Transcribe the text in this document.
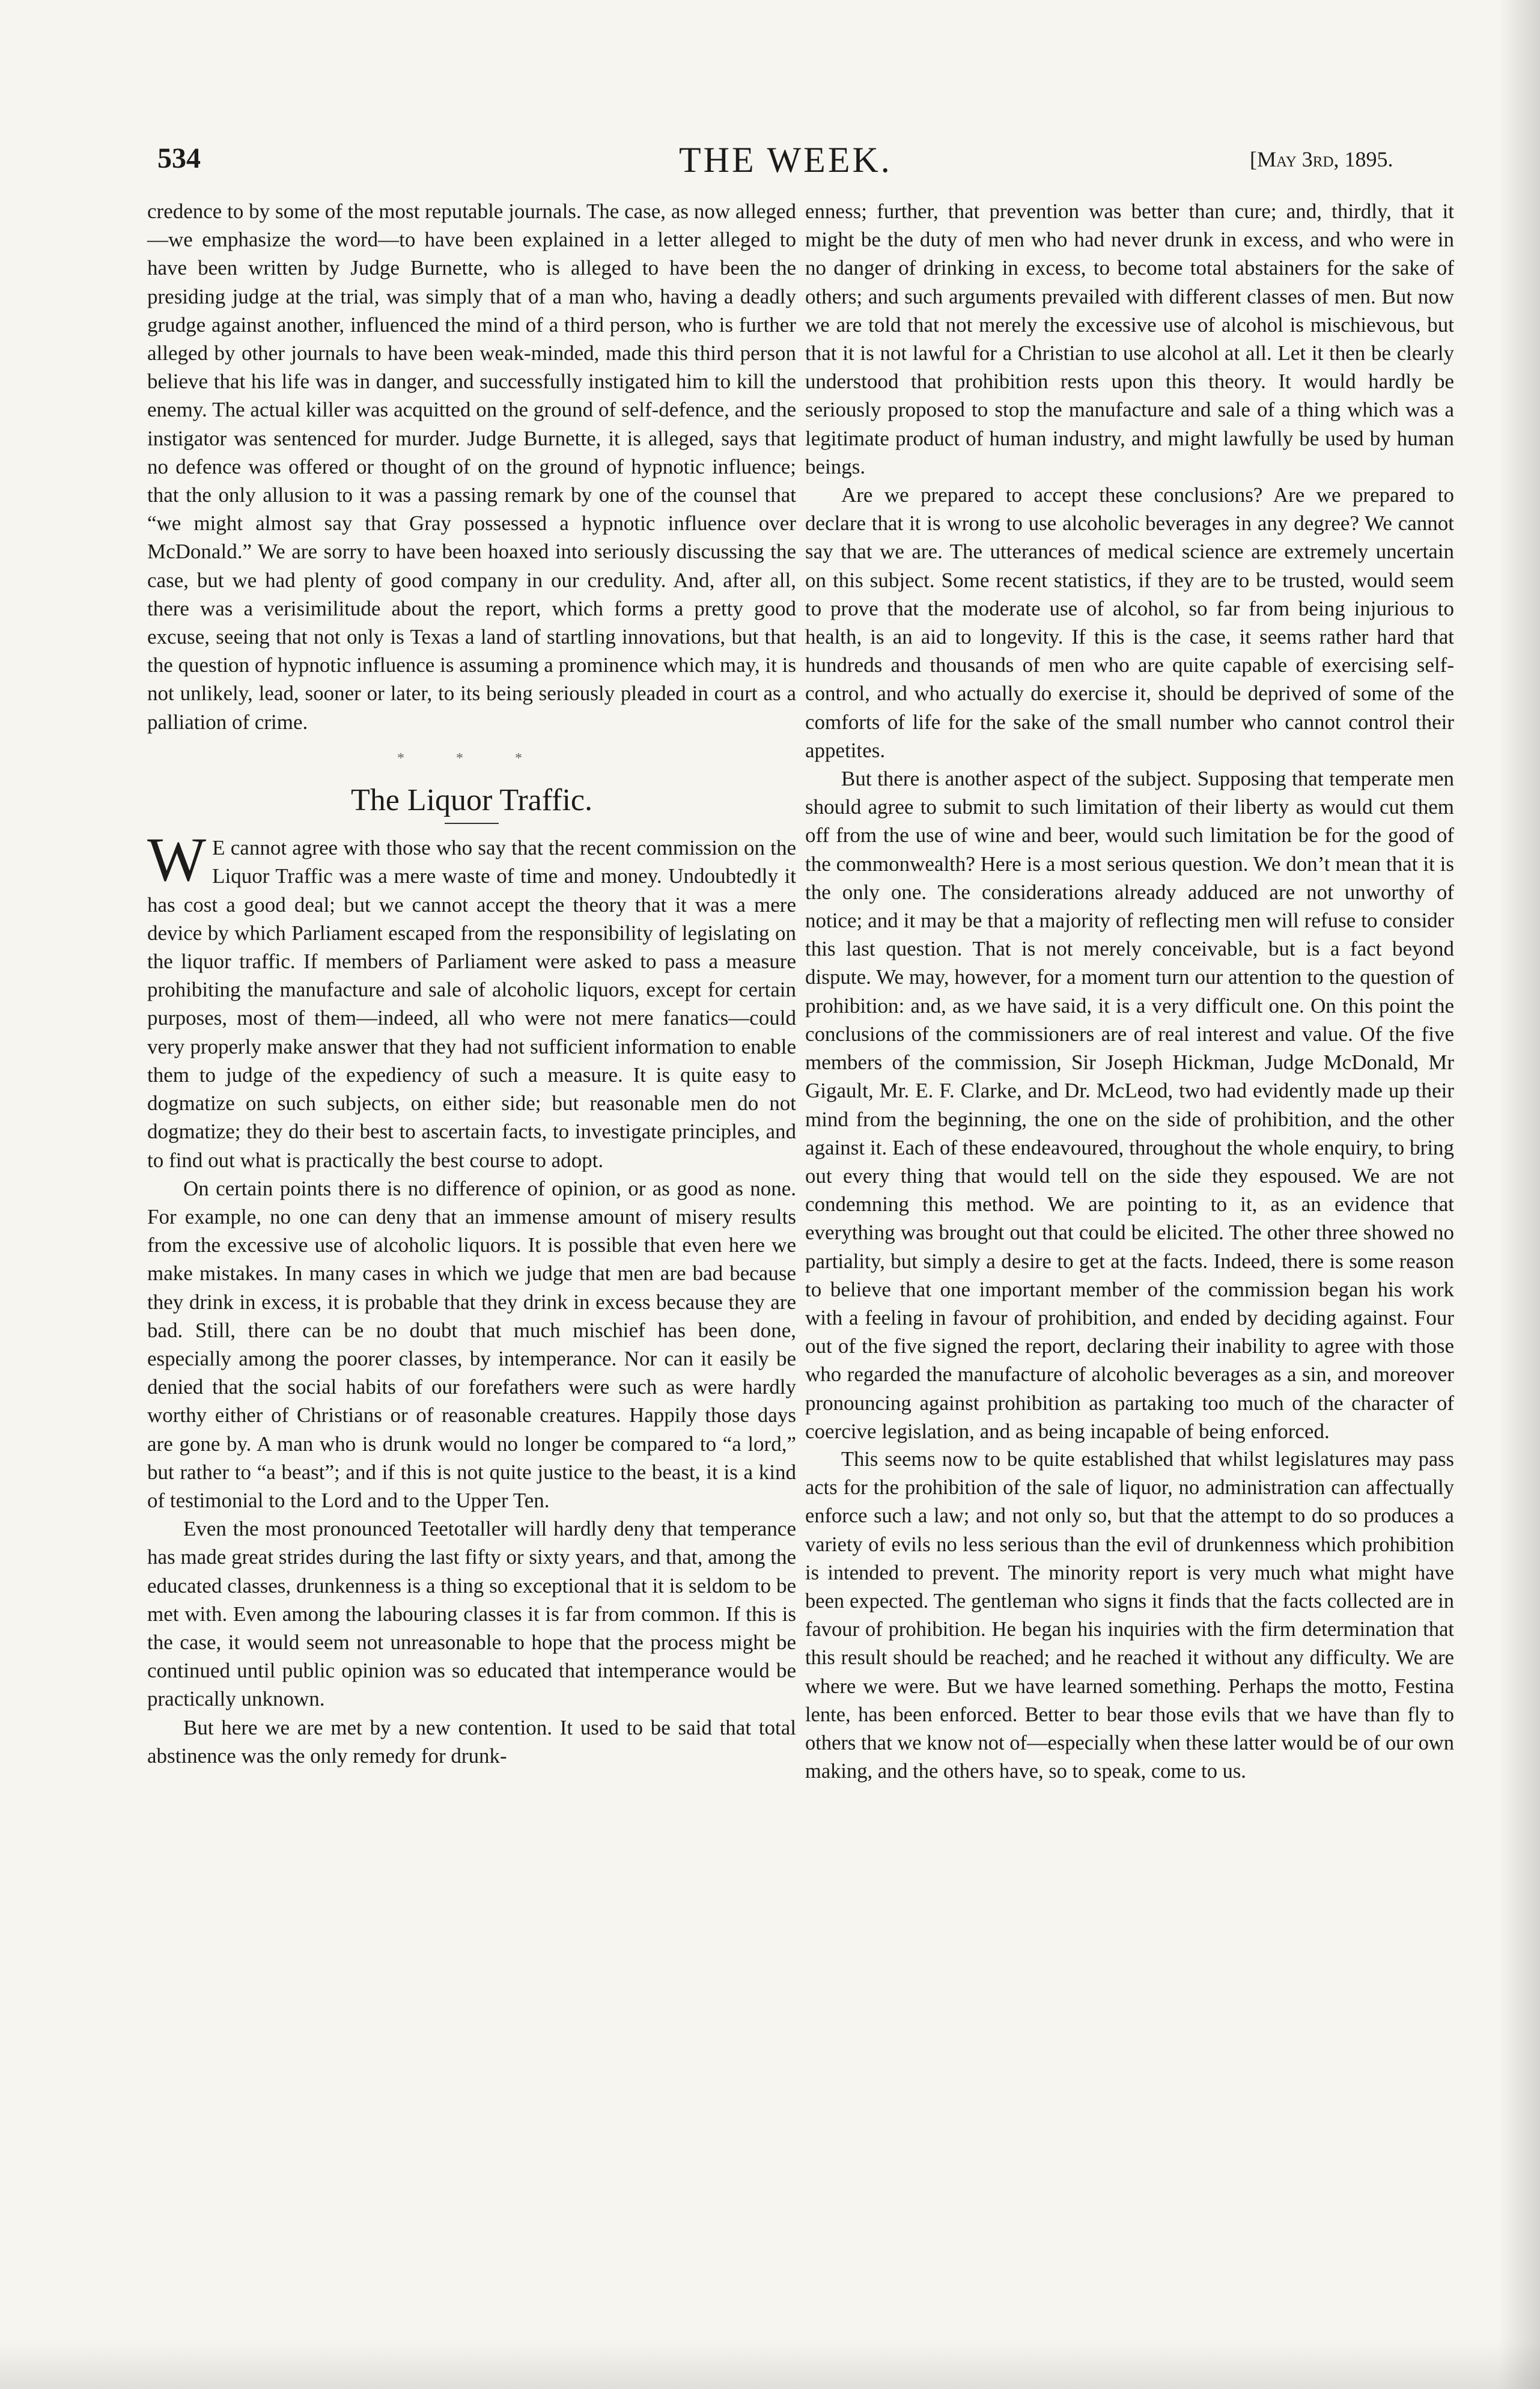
534	THE WEEK.	[May 3rd, 1895.

credence to by some of the most reputable journals. The case, as now alleged—we emphasize the word—to have been explained in a letter alleged to have been written by Judge Burnette, who is alleged to have been the presiding judge at the trial, was simply that of a man who, having a deadly grudge against another, influenced the mind of a third person, who is further alleged by other journals to have been weak-minded, made this third person believe that his life was in danger, and successfully instigated him to kill the enemy. The actual killer was acquitted on the ground of self-defence, and the instigator was sentenced for murder. Judge Burnette, it is alleged, says that no defence was offered or thought of on the ground of hypnotic influence; that the only allusion to it was a passing remark by one of the counsel that “we might almost say that Gray possessed a hypnotic influence over McDonald.” We are sorry to have been hoaxed into seriously discussing the case, but we had plenty of good company in our credulity. And, after all, there was a verisimilitude about the report, which forms a pretty good excuse, seeing that not only is Texas a land of startling innovations, but that the question of hypnotic influence is assuming a prominence which may, it is not unlikely, lead, sooner or later, to its being seriously pleaded in court as a palliation of crime.

* * *
The Liquor Traffic.

W E cannot agree with those who say that the recent commission on the Liquor Traffic was a mere waste of time and money. Undoubtedly it has cost a good deal; but we cannot accept the theory that it was a mere device by which Parliament escaped from the responsibility of legislating on the liquor traffic. If members of Parliament were asked to pass a measure prohibiting the manufacture and sale of alcoholic liquors, except for certain purposes, most of them—indeed, all who were not mere fanatics—could very properly make answer that they had not sufficient information to enable them to judge of the expediency of such a measure. It is quite easy to dogmatize on such subjects, on either side; but reasonable men do not dogmatize; they do their best to ascertain facts, to investigate principles, and to find out what is practically the best course to adopt.

On certain points there is no difference of opinion, or as good as none. For example, no one can deny that an immense amount of misery results from the excessive use of alcoholic liquors. It is possible that even here we make mistakes. In many cases in which we judge that men are bad because they drink in excess, it is probable that they drink in excess because they are bad. Still, there can be no doubt that much mischief has been done, especially among the poorer classes, by intemperance. Nor can it easily be denied that the social habits of our forefathers were such as were hardly worthy either of Christians or of reasonable creatures. Happily those days are gone by. A man who is drunk would no longer be compared to “a lord,” but rather to “a beast”; and if this is not quite justice to the beast, it is a kind of testimonial to the Lord and to the Upper Ten.

Even the most pronounced Teetotaller will hardly deny that temperance has made great strides during the last fifty or sixty years, and that, among the educated classes, drunkenness is a thing so exceptional that it is seldom to be met with. Even among the labouring classes it is far from common. If this is the case, it would seem not unreasonable to hope that the process might be continued until public opinion was so educated that intemperance would be practically unknown.

But here we are met by a new contention. It used to be said that total abstinence was the only remedy for drunk-

enness; further, that prevention was better than cure; and, thirdly, that it might be the duty of men who had never drunk in excess, and who were in no danger of drinking in excess, to become total abstainers for the sake of others; and such arguments prevailed with different classes of men. But now we are told that not merely the excessive use of alcohol is mischievous, but that it is not lawful for a Christian to use alcohol at all. Let it then be clearly understood that prohibition rests upon this theory. It would hardly be seriously proposed to stop the manufacture and sale of a thing which was a legitimate product of human industry, and might lawfully be used by human beings.

Are we prepared to accept these conclusions? Are we prepared to declare that it is wrong to use alcoholic beverages in any degree? We cannot say that we are. The utterances of medical science are extremely uncertain on this subject. Some recent statistics, if they are to be trusted, would seem to prove that the moderate use of alcohol, so far from being injurious to health, is an aid to longevity. If this is the case, it seems rather hard that hundreds and thousands of men who are quite capable of exercising self-control, and who actually do exercise it, should be deprived of some of the comforts of life for the sake of the small number who cannot control their appetites.

But there is another aspect of the subject. Supposing that temperate men should agree to submit to such limitation of their liberty as would cut them off from the use of wine and beer, would such limitation be for the good of the commonwealth? Here is a most serious question. We don’t mean that it is the only one. The considerations already adduced are not unworthy of notice; and it may be that a majority of reflecting men will refuse to consider this last question. That is not merely conceivable, but is a fact beyond dispute. We may, however, for a moment turn our attention to the question of prohibition: and, as we have said, it is a very difficult one. On this point the conclusions of the commissioners are of real interest and value. Of the five members of the commission, Sir Joseph Hickman, Judge McDonald, Mr Gigault, Mr. E. F. Clarke, and Dr. McLeod, two had evidently made up their mind from the beginning, the one on the side of prohibition, and the other against it. Each of these endeavoured, throughout the whole enquiry, to bring out every thing that would tell on the side they espoused. We are not condemning this method. We are pointing to it, as an evidence that everything was brought out that could be elicited. The other three showed no partiality, but simply a desire to get at the facts. Indeed, there is some reason to believe that one important member of the commission began his work with a feeling in favour of prohibition, and ended by deciding against. Four out of the five signed the report, declaring their inability to agree with those who regarded the manufacture of alcoholic beverages as a sin, and moreover pronouncing against prohibition as partaking too much of the character of coercive legislation, and as being incapable of being enforced.

This seems now to be quite established that whilst legislatures may pass acts for the prohibition of the sale of liquor, no administration can affectually enforce such a law; and not only so, but that the attempt to do so produces a variety of evils no less serious than the evil of drunkenness which prohibition is intended to prevent. The minority report is very much what might have been expected. The gentleman who signs it finds that the facts collected are in favour of prohibition. He began his inquiries with the firm determination that this result should be reached; and he reached it without any difficulty. We are where we were. But we have learned something. Perhaps the motto, Festina lente, has been enforced. Better to bear those evils that we have than fly to others that we know not of—especially when these latter would be of our own making, and the others have, so to speak, come to us.
